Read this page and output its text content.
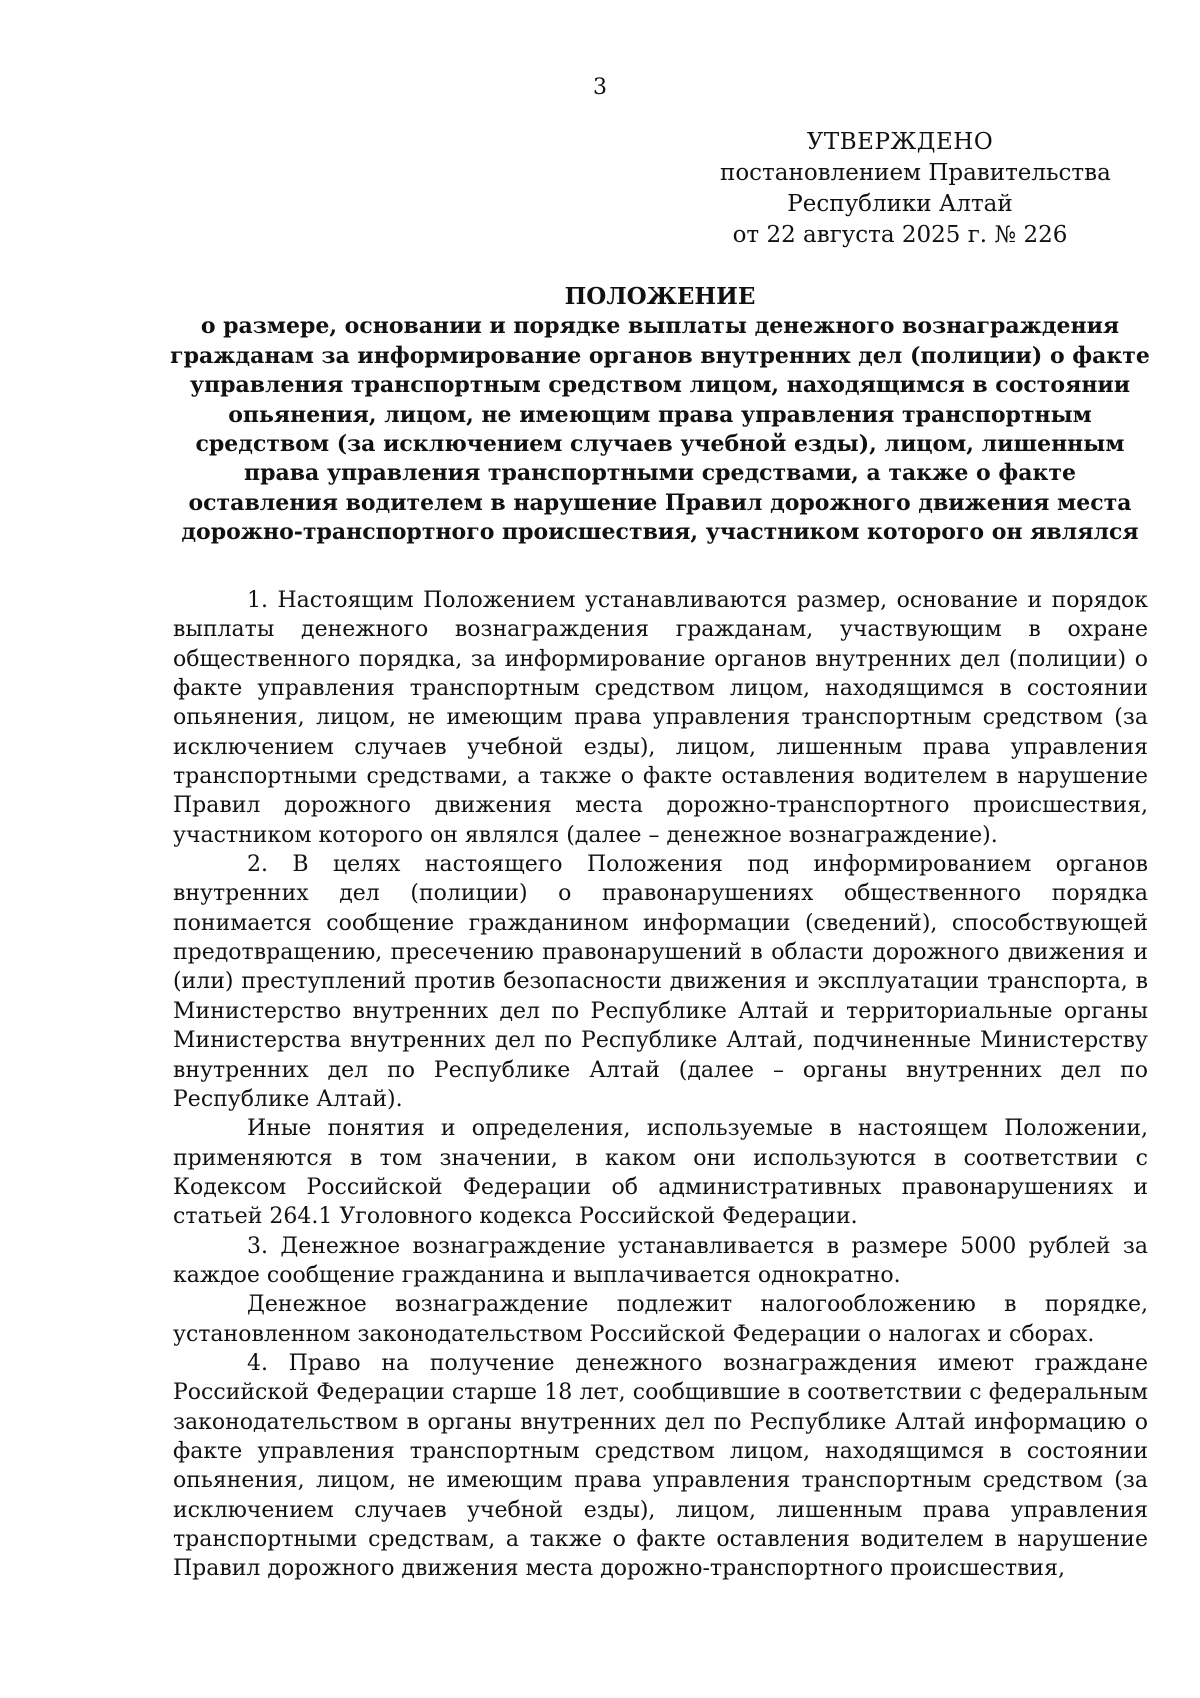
3
УТВЕРЖДЕНО
постановлением Правительства
Республики Алтай
от 22 августа 2025 г. № 226
ПОЛОЖЕНИЕ
о размере, основании и порядке выплаты денежного вознаграждения гражданам за информирование органов внутренних дел (полиции) о факте управления транспортным средством лицом, находящимся в состоянии опьянения, лицом, не имеющим права управления транспортным средством (за исключением случаев учебной езды), лицом, лишенным права управления транспортными средствами, а также о факте оставления водителем в нарушение Правил дорожного движения места дорожно-транспортного происшествия, участником которого он являлся

1. Настоящим Положением устанавливаются размер, основание и порядок выплаты денежного вознаграждения гражданам, участвующим в охране общественного порядка, за информирование органов внутренних дел (полиции) о факте управления транспортным средством лицом, находящимся в состоянии опьянения, лицом, не имеющим права управления транспортным средством (за исключением случаев учебной езды), лицом, лишенным права управления транспортными средствами, а также о факте оставления водителем в нарушение Правил дорожного движения места дорожно-транспортного происшествия, участником которого он являлся (далее – денежное вознаграждение).

2. В целях настоящего Положения под информированием органов внутренних дел (полиции) о правонарушениях общественного порядка понимается сообщение гражданином информации (сведений), способствующей предотвращению, пресечению правонарушений в области дорожного движения и (или) преступлений против безопасности движения и эксплуатации транспорта, в Министерство внутренних дел по Республике Алтай и территориальные органы Министерства внутренних дел по Республике Алтай, подчиненные Министерству внутренних дел по Республике Алтай (далее – органы внутренних дел по Республике Алтай).

Иные понятия и определения, используемые в настоящем Положении, применяются в том значении, в каком они используются в соответствии с Кодексом Российской Федерации об административных правонарушениях и статьей 264.1 Уголовного кодекса Российской Федерации.

3. Денежное вознаграждение устанавливается в размере 5000 рублей за каждое сообщение гражданина и выплачивается однократно.

Денежное вознаграждение подлежит налогообложению в порядке, установленном законодательством Российской Федерации о налогах и сборах.

4. Право на получение денежного вознаграждения имеют граждане Российской Федерации старше 18 лет, сообщившие в соответствии с федеральным законодательством в органы внутренних дел по Республике Алтай информацию о факте управления транспортным средством лицом, находящимся в состоянии опьянения, лицом, не имеющим права управления транспортным средством (за исключением случаев учебной езды), лицом, лишенным права управления транспортными средствам, а также о факте оставления водителем в нарушение Правил дорожного движения места дорожно-транспортного происшествия,
